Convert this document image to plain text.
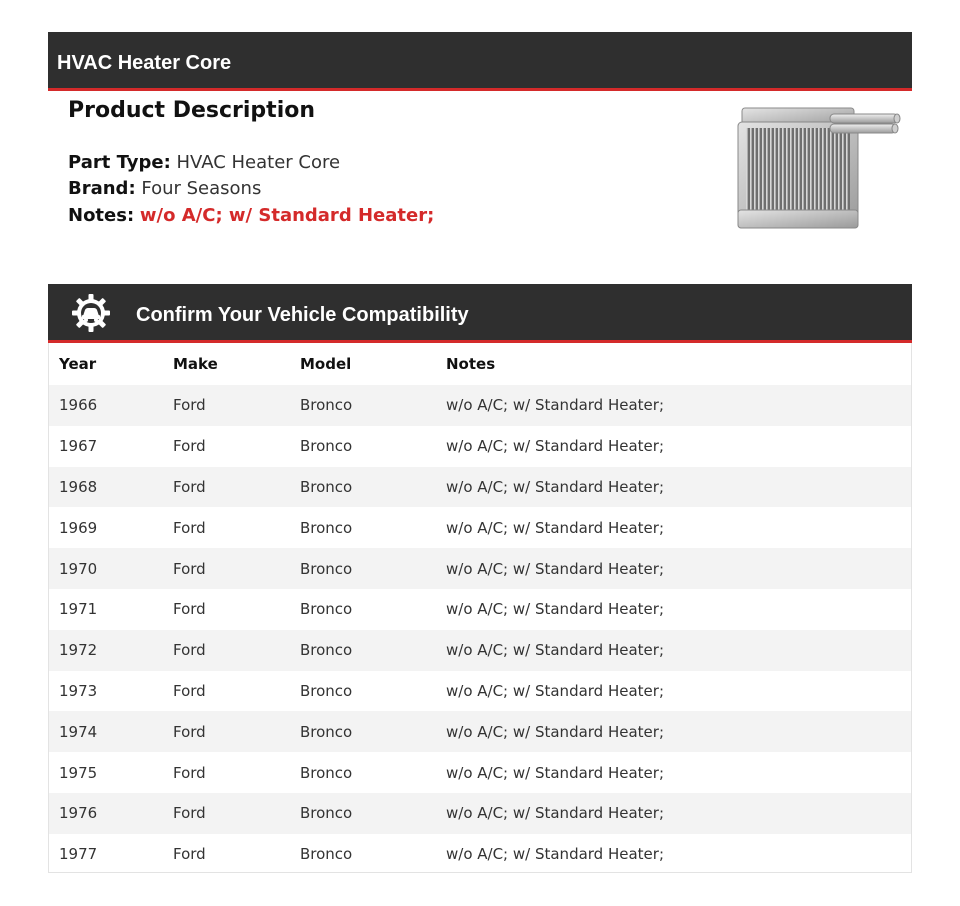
HVAC Heater Core
Product Description
Part Type: HVAC Heater Core
Brand: Four Seasons
Notes: w/o A/C; w/ Standard Heater;
Confirm Your Vehicle Compatibility
Year	Make	Model	Notes
1966	Ford	Bronco	w/o A/C; w/ Standard Heater;
1967	Ford	Bronco	w/o A/C; w/ Standard Heater;
1968	Ford	Bronco	w/o A/C; w/ Standard Heater;
1969	Ford	Bronco	w/o A/C; w/ Standard Heater;
1970	Ford	Bronco	w/o A/C; w/ Standard Heater;
1971	Ford	Bronco	w/o A/C; w/ Standard Heater;
1972	Ford	Bronco	w/o A/C; w/ Standard Heater;
1973	Ford	Bronco	w/o A/C; w/ Standard Heater;
1974	Ford	Bronco	w/o A/C; w/ Standard Heater;
1975	Ford	Bronco	w/o A/C; w/ Standard Heater;
1976	Ford	Bronco	w/o A/C; w/ Standard Heater;
1977	Ford	Bronco	w/o A/C; w/ Standard Heater;
